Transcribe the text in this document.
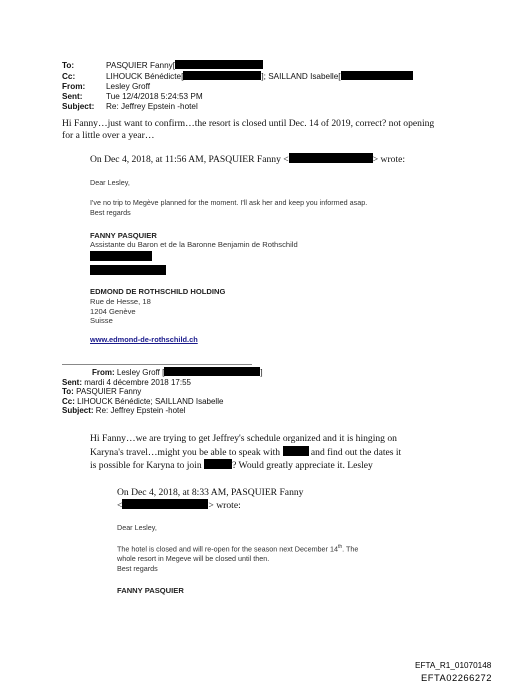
To:	PASQUIER Fanny[
Cc:	LIHOUCK Bénédicte[	]; SAILLAND Isabelle[
From:	Lesley Groff
Sent:	Tue 12/4/2018 5:24:53 PM
Subject: Re: Jeffrey Epstein -hotel
Hi Fanny…just want to confirm…the resort is closed until Dec. 14 of 2019, correct? not opening
for a little over a year…
On Dec 4, 2018, at 11:56 AM, PASQUIER Fanny <	> wrote:
Dear Lesley,
I've no trip to Megève planned for the moment. I'll ask her and keep you informed asap.
Best regards
FANNY PASQUIER
Assistante du Baron et de la Baronne Benjamin de Rothschild
EDMOND DE ROTHSCHILD HOLDING
Rue de Hesse, 18
1204 Genève
Suisse
www.edmond-de-rothschild.ch
From: Lesley Groff [	]
Sent: mardi 4 décembre 2018 17:55
To: PASQUIER Fanny
Cc: LIHOUCK Bénédicte; SAILLAND Isabelle
Subject: Re: Jeffrey Epstein -hotel
Hi Fanny…we are trying to get Jeffrey's schedule organized and it is hinging on
Karyna's travel…might you be able to speak with	and find out the dates it
is possible for Karyna to join	? Would greatly appreciate it. Lesley
On Dec 4, 2018, at 8:33 AM, PASQUIER Fanny
<	> wrote:
Dear Lesley,
The hotel is closed and will re-open for the season next December 14th. The
whole resort in Megeve will be closed until then.
Best regards
FANNY PASQUIER
EFTA_R1_01070148
EFTA02266272
